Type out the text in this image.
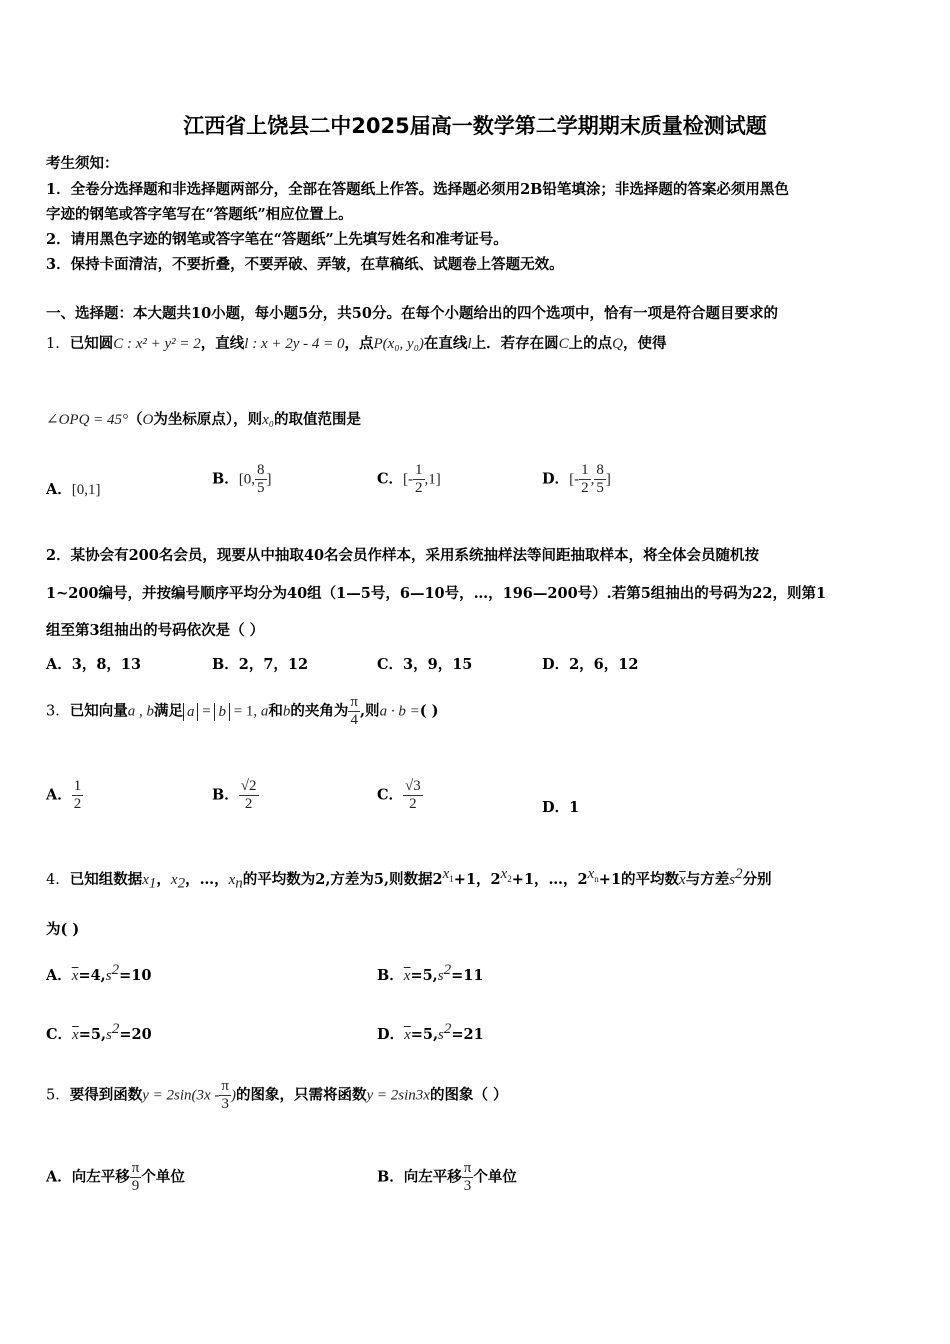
江西省上饶县二中2025届高一数学第二学期期末质量检测试题
考生须知：
1．全卷分选择题和非选择题两部分，全部在答题纸上作答。选择题必须用2B铅笔填涂；非选择题的答案必须用黑色
字迹的钢笔或答字笔写在“答题纸”相应位置上。
2．请用黑色字迹的钢笔或答字笔在“答题纸”上先填写姓名和准考证号。
3．保持卡面清洁，不要折叠，不要弄破、弄皱，在草稿纸、试题卷上答题无效。
一、选择题：本大题共10小题，每小题5分，共50分。在每个小题给出的四个选项中，恰有一项是符合题目要求的
1．已知圆C : x² + y² = 2，直线l : x + 2y - 4 = 0，点P(x₀, y₀)在直线l上．若存在圆C上的点Q，使得
∠OPQ = 45°（O为坐标原点），则x₀的取值范围是
A．[0,1]
B．[0, $\frac{8}{5}$ ]	C．[- $\frac{1}{2} ,1$]	D．[- $\frac{1}{2}$ , $\frac{8}{5}$ ]
2．某协会有200名会员，现要从中抽取40名会员作样本，采用系统抽样法等间距抽取样本，将全体会员随机按
1~200编号，并按编号顺序平均分为40组（1—5号，6—10号，…，196—200号）.若第5组抽出的号码为22，则第1
组至第3组抽出的号码依次是（ ）
A．3，8，13	B．2，7，12	C．3，9，15	D．2，6，12
3．已知向量a , b满足 a = b = 1, a和b的夹角为 $\frac{\pi}{4}$ ,则a · b =( )
A． $\frac{1}{2}$	B． $\frac{√2}{2}$	C． $\frac{√3}{2}$	D．1
4．已知组数据$x_1$，$x_2$，…，$x_n$的平均数为2,方差为5,则数据$2^{x_1}+1$，$2^{x_2}+1$，…，$2^{x_n}+1$的平均数$\overline{x}$与方差$s^2$分别
为( )
A．$\overline{x}=4,s^2=10$	B．$\overline{x}=5,s^2=11$
C．$\overline{x}=5,s^2=20$	D．$\overline{x}=5,s^2=21$
5．要得到函数$y = 2\sin(3x - \frac{\pi}{3}$ )的图象，只需将函数y = 2sin3x的图象（ ）
A．向左平移 $\frac{\pi}{9}$ 个单位	B．向左平移 $\frac{\pi}{3}$ 个单位
